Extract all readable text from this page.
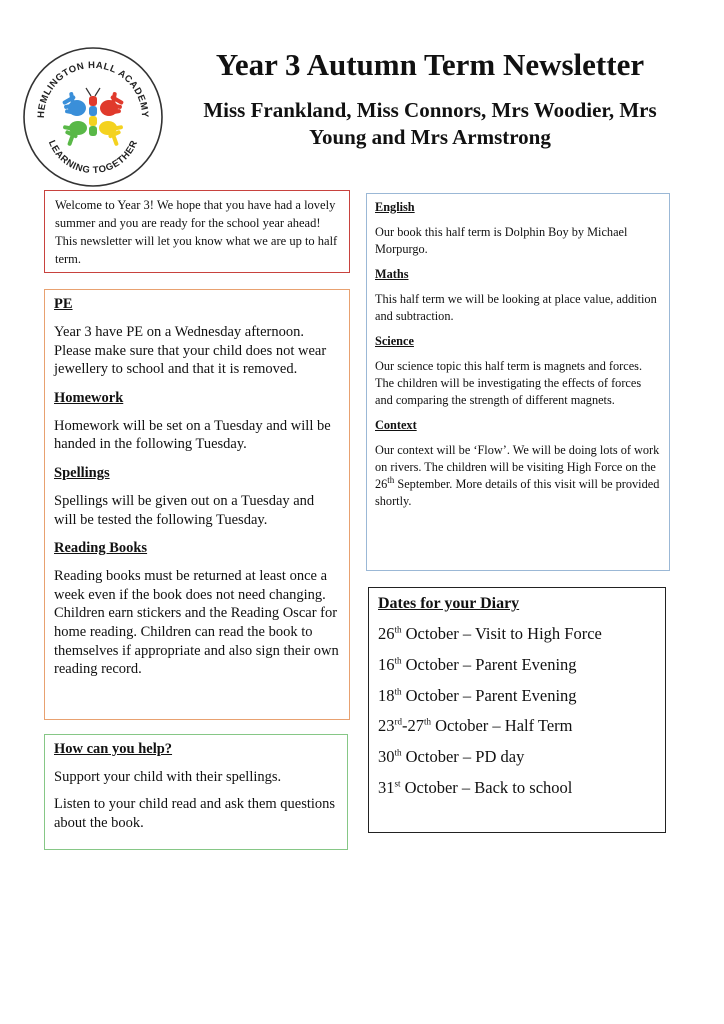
HEMLINGTON HALL ACADEMY
LEARNING TOGETHER
Year 3 Autumn Term Newsletter
Miss Frankland, Miss Connors, Mrs Woodier, Mrs Young and Mrs Armstrong

Welcome to Year 3! We hope that you have had a lovely summer and you are ready for the school year ahead! This newsletter will let you know what we are up to half term.

PE

Year 3 have PE on a Wednesday afternoon. Please make sure that your child does not wear jewellery to school and that it is removed.

Homework

Homework will be set on a Tuesday and will be handed in the following Tuesday.

Spellings

Spellings will be given out on a Tuesday and will be tested the following Tuesday.

Reading Books

Reading books must be returned at least once a week even if the book does not need changing. Children earn stickers and the Reading Oscar for home reading. Children can read the book to themselves if appropriate and also sign their own reading record.

How can you help?

Support your child with their spellings.

Listen to your child read and ask them questions about the book.

English

Our book this half term is Dolphin Boy by Michael Morpurgo.

Maths

This half term we will be looking at place value, addition and subtraction.

Science

Our science topic this half term is magnets and forces. The children will be investigating the effects of forces and comparing the strength of different magnets.

Context

Our context will be ‘Flow’. We will be doing lots of work on rivers. The children will be visiting High Force on the 26th September. More details of this visit will be provided shortly.

Dates for your Diary
26th October – Visit to High Force
16th October – Parent Evening
18th October – Parent Evening
23rd-27th October – Half Term
30th October – PD day
31st October – Back to school
